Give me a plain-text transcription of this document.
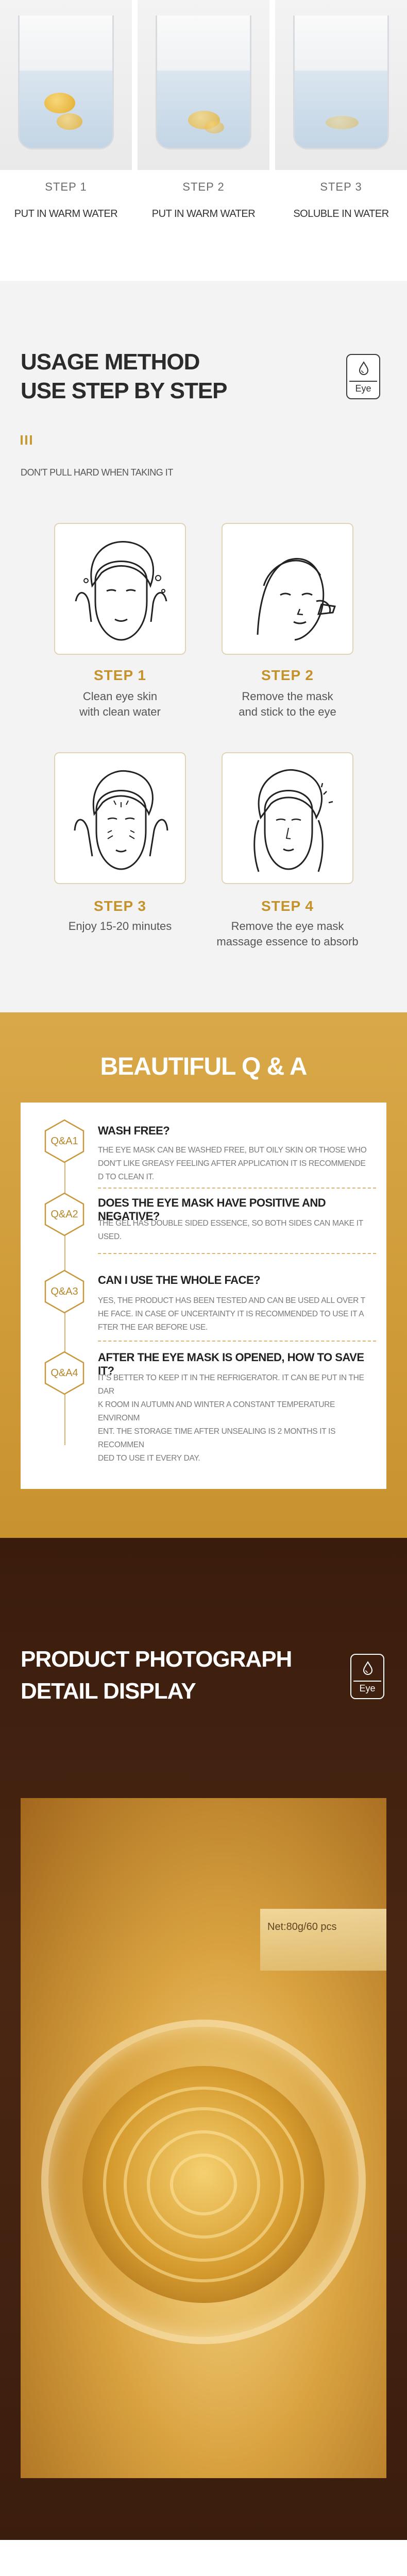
STEP 1
PUT IN WARM WATER
STEP 2
PUT IN WARM WATER
STEP 3
SOLUBLE IN WATER
USAGE METHOD
USE STEP BY STEP	Eye
DON'T PULL HARD WHEN TAKING IT
STEP 1
Clean eye skin
with clean water
STEP 2
Remove the mask
and stick to the eye
STEP 3
Enjoy 15-20 minutes
STEP 4
Remove the eye mask
massage essence to absorb
BEAUTIFUL Q & A
Q&A1
WASH FREE?
THE EYE MASK CAN BE WASHED FREE, BUT OILY SKIN OR THOSE WHO
DON'T LIKE GREASY FEELING AFTER APPLICATION IT IS RECOMMENDE
D TO CLEAN IT.
Q&A2
DOES THE EYE MASK HAVE POSITIVE AND NEGATIVE?
THE GEL HAS DOUBLE SIDED ESSENCE, SO BOTH SIDES CAN MAKE IT
USED.
Q&A3
CAN I USE THE WHOLE FACE?
YES, THE PRODUCT HAS BEEN TESTED AND CAN BE USED ALL OVER T
HE FACE. IN CASE OF UNCERTAINTY IT IS RECOMMENDED TO USE IT A
FTER THE EAR BEFORE USE.
Q&A4
AFTER THE EYE MASK IS OPENED, HOW TO SAVE IT?
IT'S BETTER TO KEEP IT IN THE REFRIGERATOR. IT CAN BE PUT IN THE DAR
K ROOM IN AUTUMN AND WINTER A CONSTANT TEMPERATURE ENVIRONM
ENT. THE STORAGE TIME AFTER UNSEALING IS 2 MONTHS IT IS RECOMMEN
DED TO USE IT EVERY DAY.
PRODUCT PHOTOGRAPH
DETAIL DISPLAY	Eye
Net:80g/60 pcs
